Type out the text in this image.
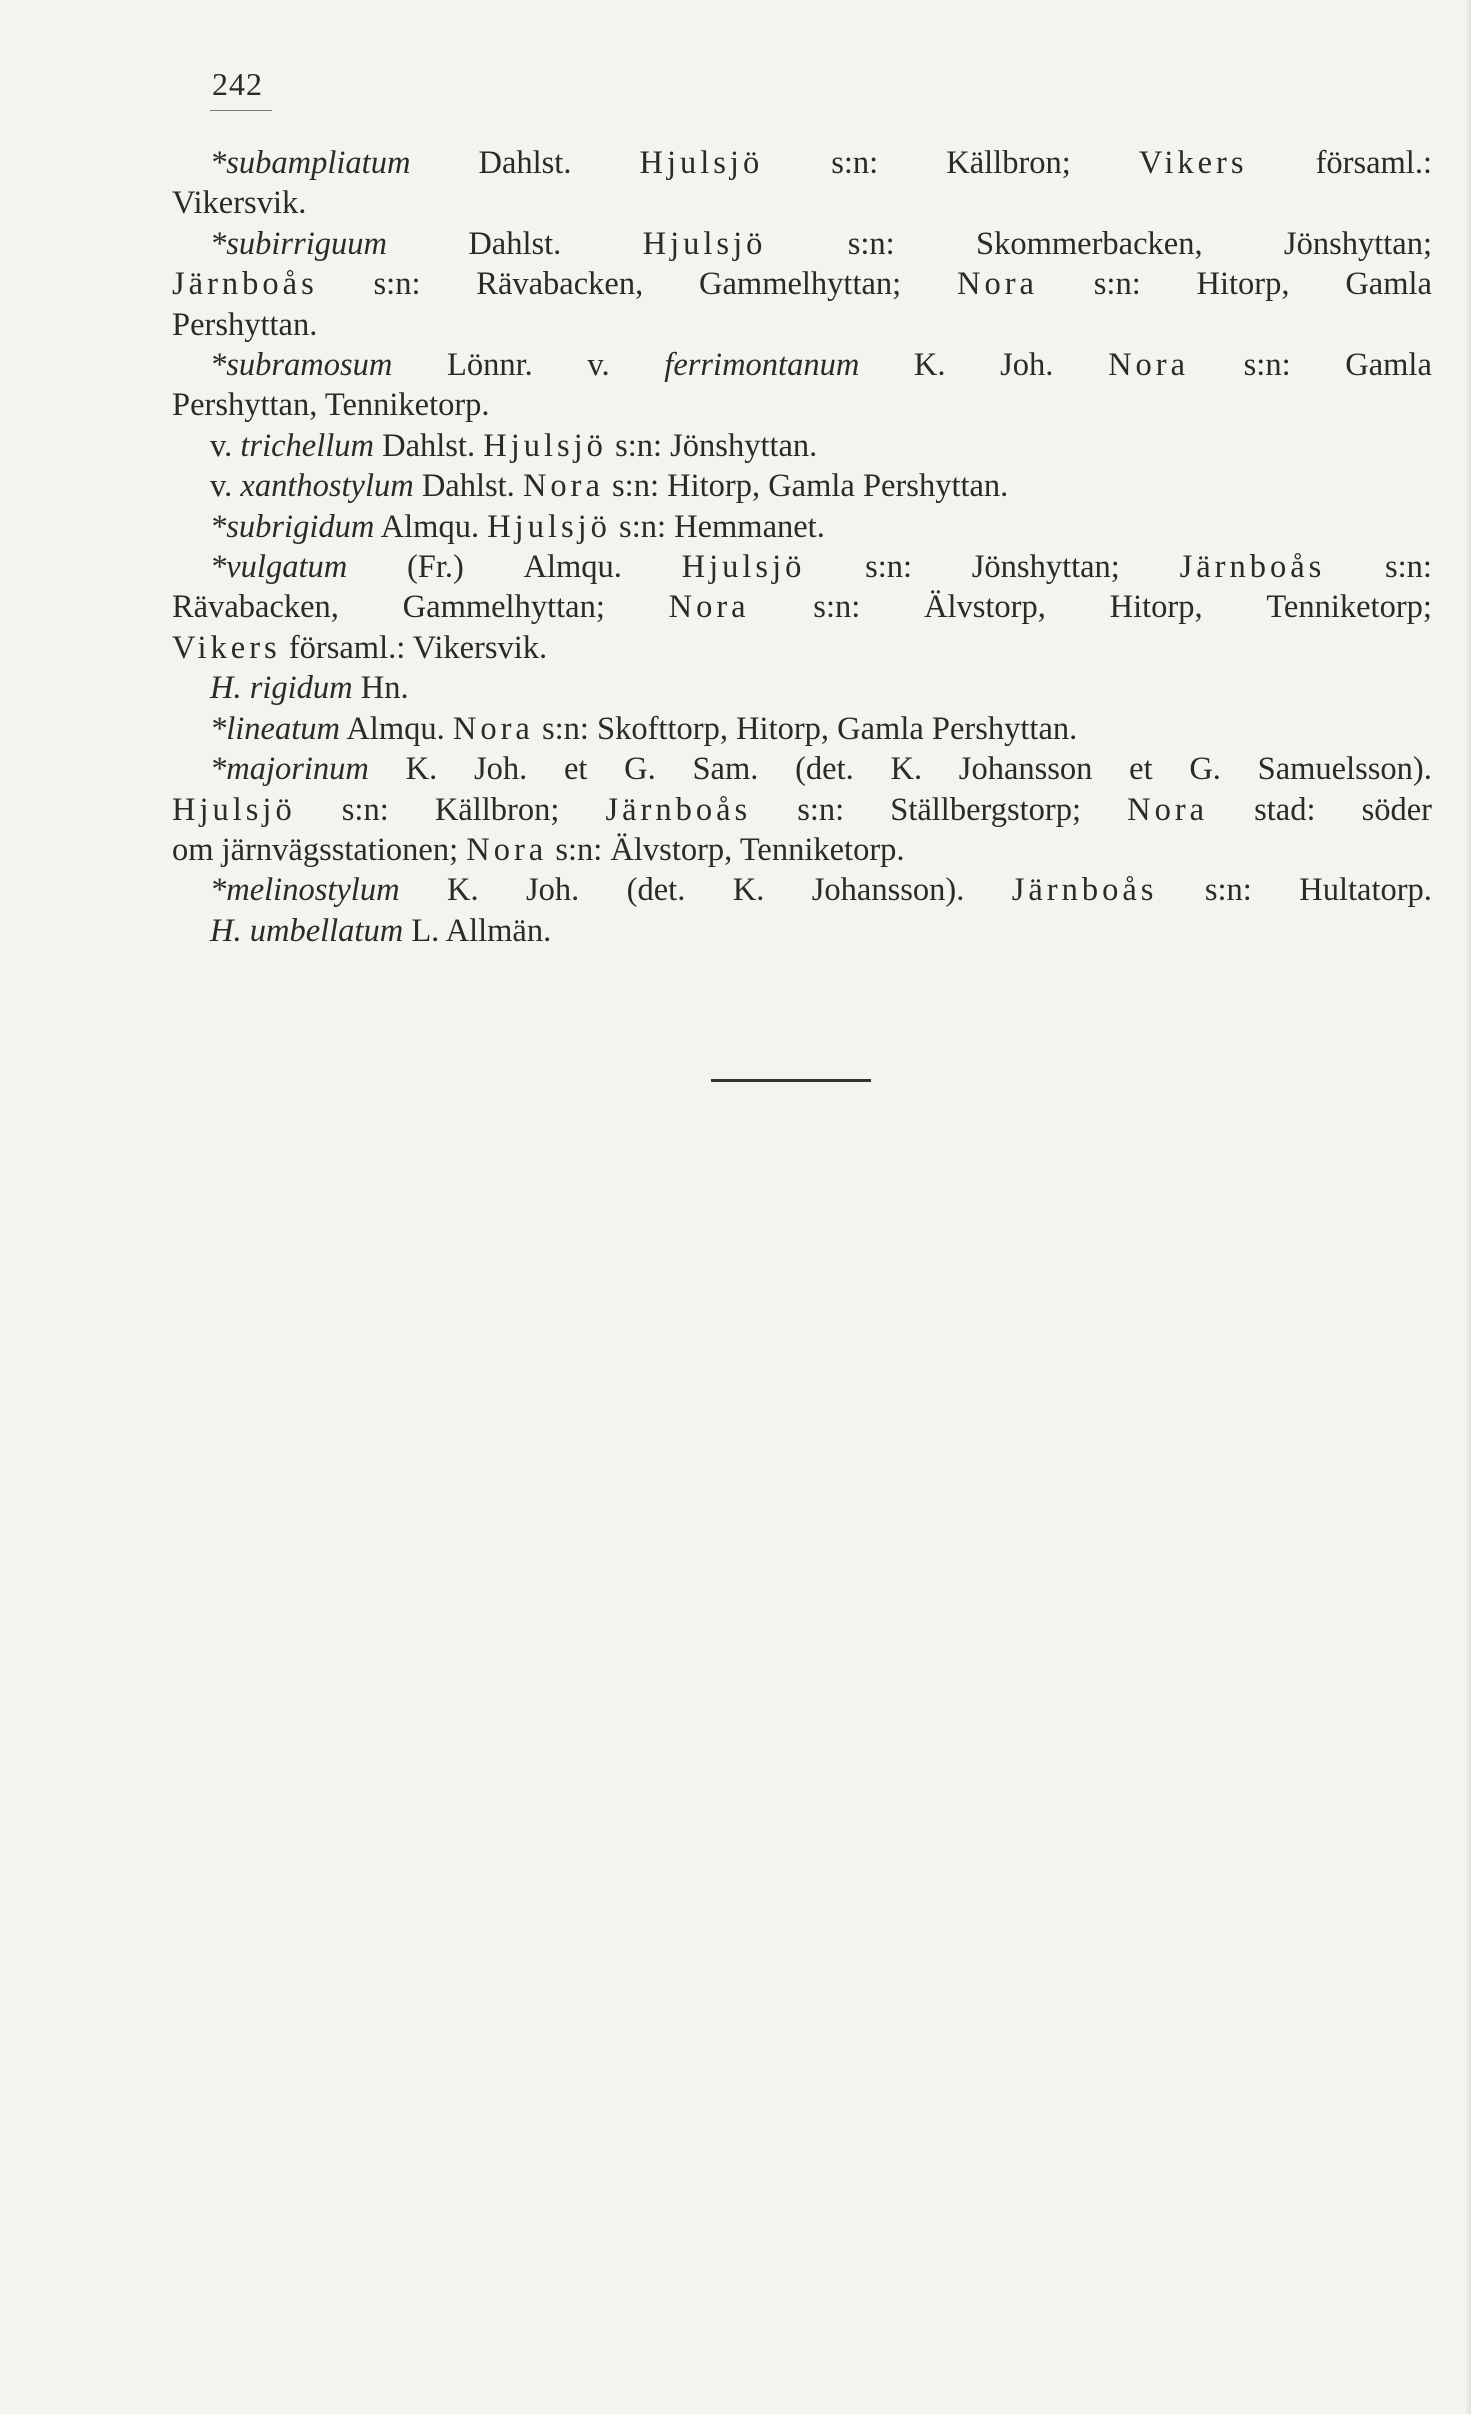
242
*subampliatum Dahlst. Hjulsjö s:n: Källbron; Vikers församl.:
Vikersvik.
*subirriguum	Dahlst.	Hjulsjö	s:n:	Skommerbacken,	Jönshyttan;
Järnboås s:n: Rävabacken, Gammelhyttan; Nora s:n: Hitorp, Gamla
Pershyttan.
*subramosum Lönnr. v. ferrimontanum K. Joh. Nora s:n: Gamla
Pershyttan, Tenniketorp.
v. trichellum Dahlst. Hjulsjö s:n: Jönshyttan.
v. xanthostylum Dahlst. Nora s:n: Hitorp, Gamla Pershyttan.
*subrigidum Almqu. Hjulsjö s:n: Hemmanet.
*vulgatum (Fr.) Almqu. Hjulsjö s:n: Jönshyttan; Järnboås s:n:
Rävabacken, Gammelhyttan; Nora s:n: Älvstorp, Hitorp, Tenniketorp;
Vikers församl.: Vikersvik.
H. rigidum Hn.
*lineatum Almqu. Nora s:n: Skofttorp, Hitorp, Gamla Pershyttan.
*majorinum K. Joh. et G. Sam. (det. K. Johansson et G. Samuelsson).
Hjulsjö s:n: Källbron; Järnboås s:n: Ställbergstorp; Nora stad: söder
om järnvägsstationen; Nora s:n: Älvstorp, Tenniketorp.
*melinostylum K. Joh. (det. K. Johansson). Järnboås s:n: Hultatorp.
H. umbellatum L. Allmän.
